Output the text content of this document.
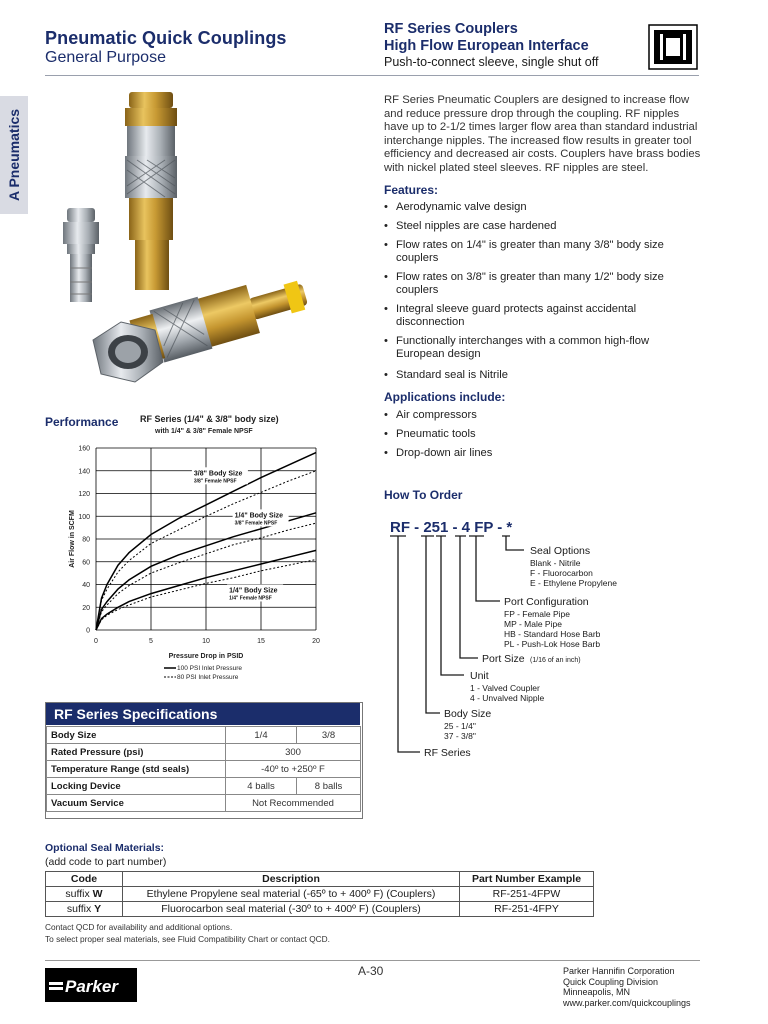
Pneumatic Quick Couplings
General Purpose
RF Series Couplers
High Flow European Interface
Push-to-connect sleeve, single shut off
A Pneumatics
RF Series Pneumatic Couplers are designed to increase flow and reduce pressure drop through the coupling. RF nipples have up to 2-1/2 times larger flow area than standard industrial interchange nipples. The increased flow results in greater tool efficiency and decreased air costs. Couplers have brass bodies with nickel plated steel sleeves. RF nipples are steel.
Features:
• Aerodynamic valve design
• Steel nipples are case hardened
• Flow rates on 1/4" is greater than many 3/8" body size couplers
• Flow rates on 3/8" is greater than many 1/2" body size couplers
• Integral sleeve guard protects against accidental disconnection
• Functionally interchanges with a common high-flow European design
• Standard seal is Nitrile
Applications include:
• Air compressors
• Pneumatic tools
• Drop-down air lines
Performance RF Series (1/4" & 3/8" body size)
with 1/4" & 3/8" Female NPSF
0
20
40
60
80
100
120
140
160
0	5	10	15	20
Pressure Drop in PSID
Air Flow in SCFM
3/8" Body Size
3/8" Female NPSF
1/4" Body Size
3/8" Female NPSF
1/4" Body Size
1/4" Female NPSF
100 PSI Inlet Pressure
80 PSI Inlet Pressure
RF Series Specifications
Body Size	1/4	3/8
Rated Pressure (psi)	300	
Temperature Range (std seals)	-40º to +250º F	
Locking Device	4 balls	8 balls
Vacuum Service	Not Recommended	
How To Order
RF - 251 - 4 FP - *
Seal Options
Blank - Nitrile
F - Fluorocarbon
E - Ethylene Propylene
Port Configuration
FP - Female Pipe
MP - Male Pipe
HB - Standard Hose Barb
PL - Push-Lok Hose Barb
Port Size (1/16 of an inch)
Unit
1 - Valved Coupler
4 - Unvalved Nipple
Body Size
25 - 1/4"
37 - 3/8"
RF Series
Optional Seal Materials:
(add code to part number)
Code	Description	Part Number Example
suffix W	Ethylene Propylene seal material (-65º to + 400º F) (Couplers)	RF-251-4FPW
suffix Y	Fluorocarbon seal material (-30º to + 400º F) (Couplers)	RF-251-4FPY
Contact QCD for availability and additional options.
To select proper seal materials, see Fluid Compatibility Chart or contact QCD.
Parker
A-30	Parker Hannifin Corporation
Quick Coupling Division
Minneapolis, MN
www.parker.com/quickcouplings
